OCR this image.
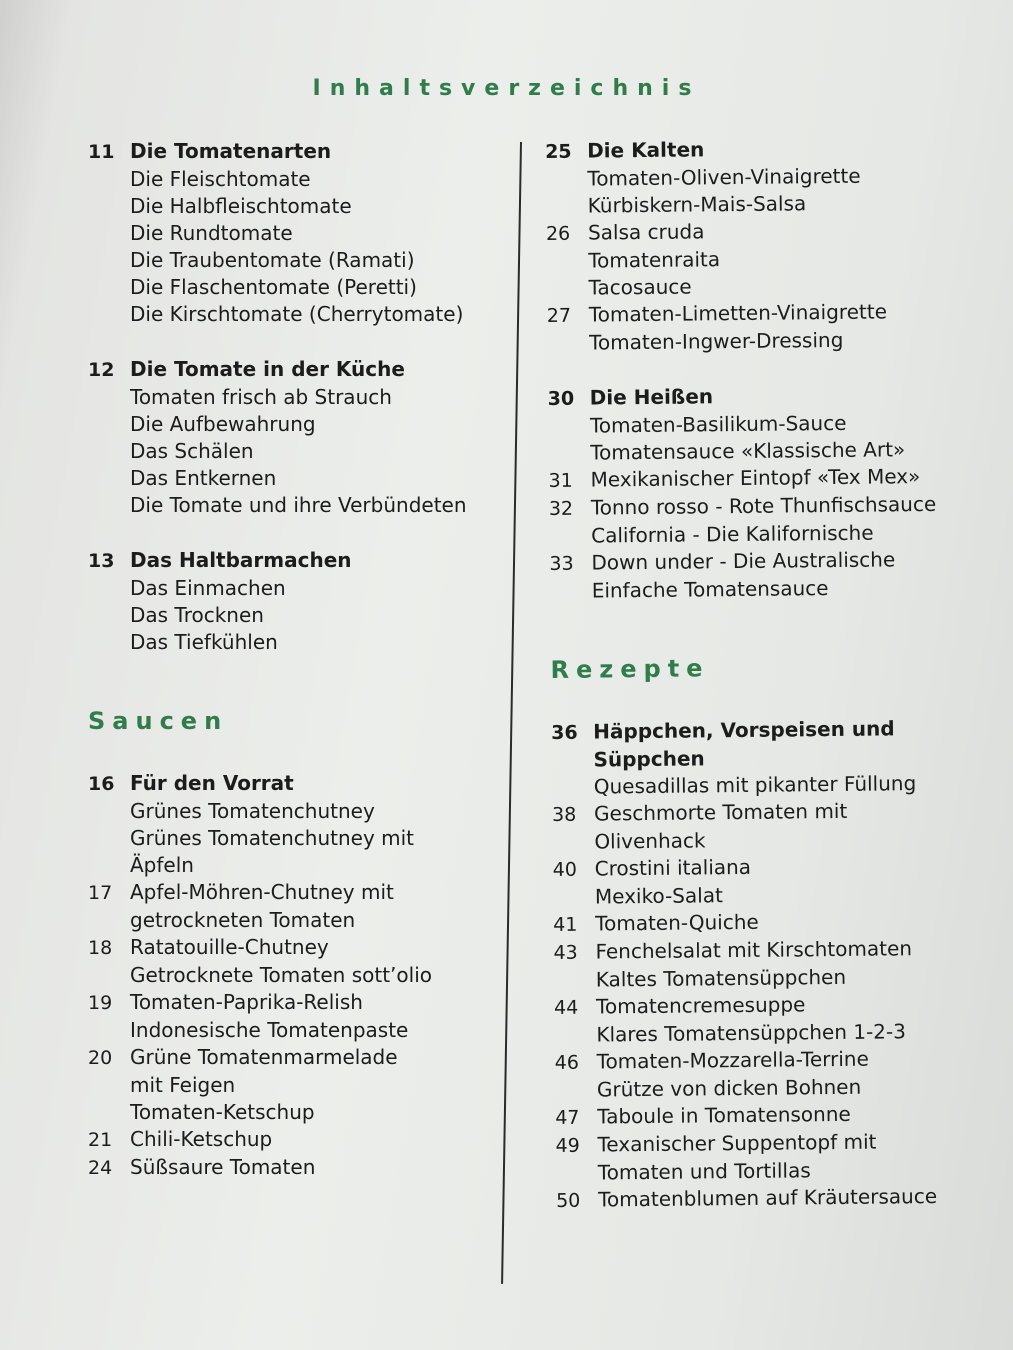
Inhaltsverzeichnis
11 Die Tomatenarten
Die Fleischtomate
Die Halbfleischtomate
Die Rundtomate
Die Traubentomate (Ramati)
Die Flaschentomate (Peretti)
Die Kirschtomate (Cherrytomate)
12 Die Tomate in der Küche
Tomaten frisch ab Strauch
Die Aufbewahrung
Das Schälen
Das Entkernen
Die Tomate und ihre Verbündeten
13 Das Haltbarmachen
Das Einmachen
Das Trocknen
Das Tiefkühlen
Saucen
16 Für den Vorrat
Grünes Tomatenchutney
Grünes Tomatenchutney mit
Äpfeln
17 Apfel-Möhren-Chutney mit
getrockneten Tomaten
18 Ratatouille-Chutney
Getrocknete Tomaten sott’olio
19 Tomaten-Paprika-Relish
Indonesische Tomatenpaste
20 Grüne Tomatenmarmelade
mit Feigen
Tomaten-Ketschup
21 Chili-Ketschup
24 Süßsaure Tomaten
25 Die Kalten
Tomaten-Oliven-Vinaigrette
Kürbiskern-Mais-Salsa
26 Salsa cruda
Tomatenraita
Tacosauce
27 Tomaten-Limetten-Vinaigrette
Tomaten-Ingwer-Dressing
30 Die Heißen
Tomaten-Basilikum-Sauce
Tomatensauce «Klassische Art»
31 Mexikanischer Eintopf «Tex Mex»
32 Tonno rosso - Rote Thunfischsauce
California - Die Kalifornische
33 Down under - Die Australische
Einfache Tomatensauce
Rezepte
36 Häppchen, Vorspeisen und
Süppchen
Quesadillas mit pikanter Füllung
38 Geschmorte Tomaten mit
Olivenhack
40 Crostini italiana
Mexiko-Salat
41 Tomaten-Quiche
43 Fenchelsalat mit Kirschtomaten
Kaltes Tomatensüppchen
44 Tomatencremesuppe
Klares Tomatensüppchen 1-2-3
46 Tomaten-Mozzarella-Terrine
Grütze von dicken Bohnen
47 Taboule in Tomatensonne
49 Texanischer Suppentopf mit
Tomaten und Tortillas
50 Tomatenblumen auf Kräutersauce
